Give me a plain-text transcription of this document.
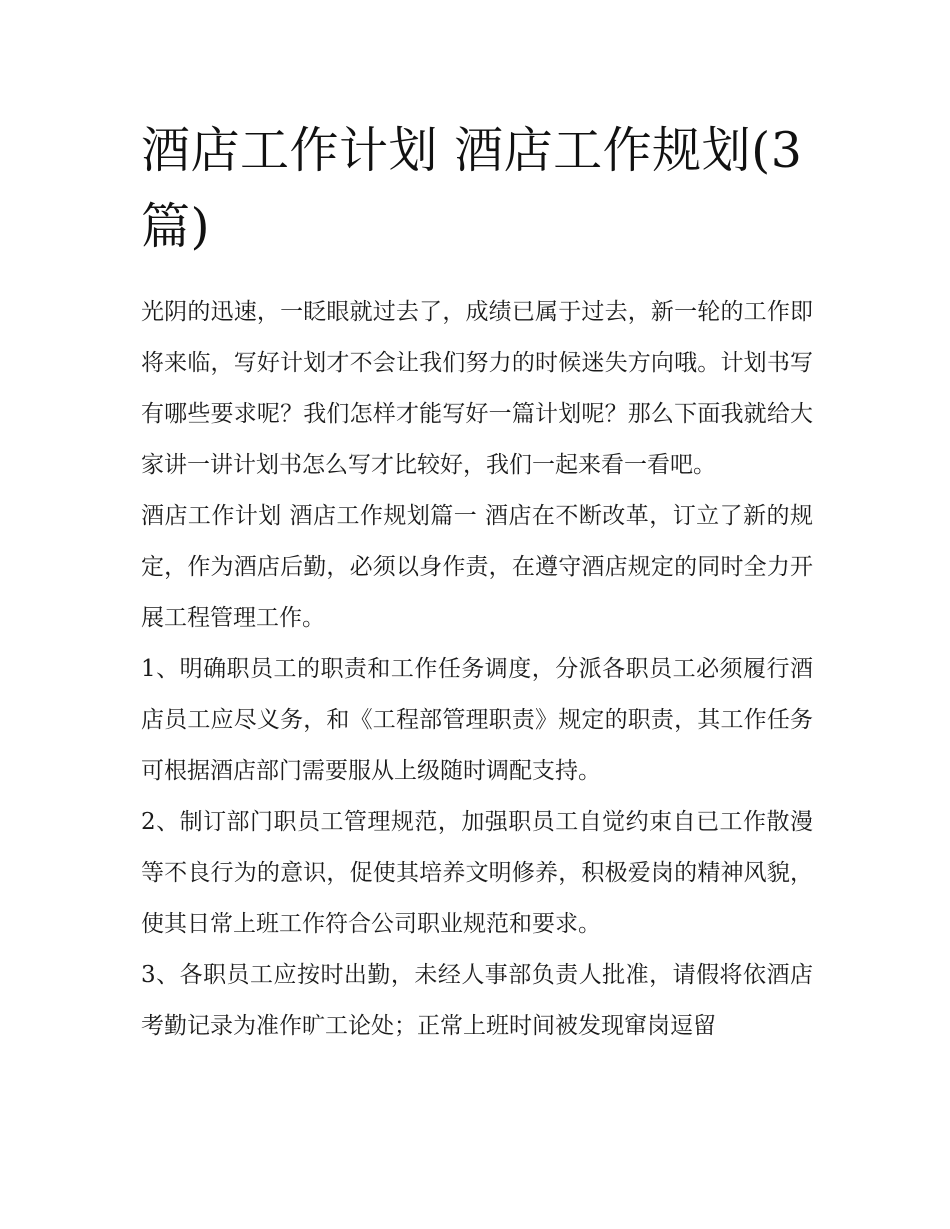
酒店工作计划 酒店工作规划(3篇)

光阴的迅速，一眨眼就过去了，成绩已属于过去，新一轮的工作即将来临，写好计划才不会让我们努力的时候迷失方向哦。计划书写有哪些要求呢？我们怎样才能写好一篇计划呢？那么下面我就给大家讲一讲计划书怎么写才比较好，我们一起来看一看吧。

酒店工作计划 酒店工作规划篇一 酒店在不断改革，订立了新的规定，作为酒店后勤，必须以身作责，在遵守酒店规定的同时全力开展工程管理工作。

1、明确职员工的职责和工作任务调度，分派各职员工必须履行酒店员工应尽义务，和《工程部管理职责》规定的职责，其工作任务可根据酒店部门需要服从上级随时调配支持。

2、制订部门职员工管理规范，加强职员工自觉约束自已工作散漫等不良行为的意识，促使其培养文明修养，积极爱岗的精神风貌，使其日常上班工作符合公司职业规范和要求。

3、各职员工应按时出勤，未经人事部负责人批准，请假将依酒店考勤记录为准作旷工论处；正常上班时间被发现窜岗逗留
